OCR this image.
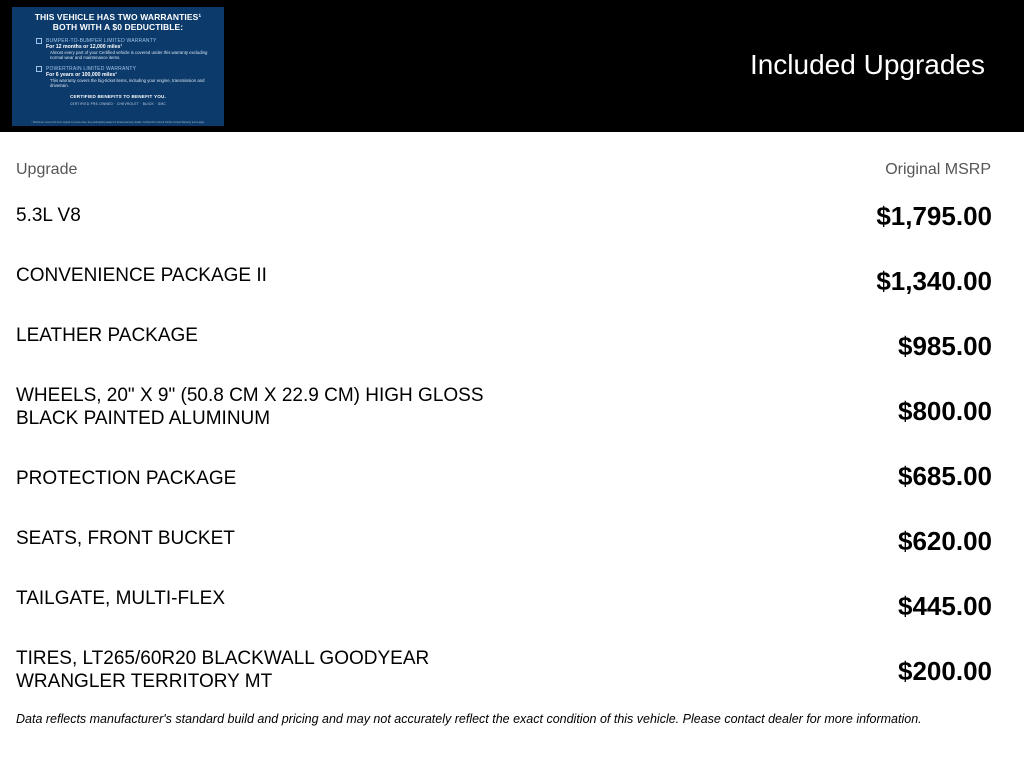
THIS VEHICLE HAS TWO WARRANTIES¹
BOTH WITH A $0 DEDUCTIBLE:
BUMPER-TO-BUMPER LIMITED WARRANTY
For 12 months or 12,000 miles¹
Almost every part of your Certified vehicle is covered under this warranty excluding normal wear and maintenance items.
POWERTRAIN LIMITED WARRANTY
For 6 years or 100,000 miles¹
This warranty covers the big-ticket items, including your engine, transmission and drivetrain.
CERTIFIED BENEFITS TO BENEFIT YOU.
CERTIFIED PRE-OWNED · CHEVROLET · BUICK · GMC
¹ Whichever comes first from original in-service date. See participating dealer for limited warranty details. Certified Pre-Owned Vehicle Limited Warranty terms apply.
Included Upgrades
Upgrade	Original MSRP
5.3L V8	$1,795.00
CONVENIENCE PACKAGE II	$1,340.00
LEATHER PACKAGE	$985.00
WHEELS, 20" X 9" (50.8 CM X 22.9 CM) HIGH GLOSS BLACK PAINTED ALUMINUM	$800.00
PROTECTION PACKAGE	$685.00
SEATS, FRONT BUCKET	$620.00
TAILGATE, MULTI-FLEX	$445.00
TIRES, LT265/60R20 BLACKWALL GOODYEAR WRANGLER TERRITORY MT	$200.00
Data reflects manufacturer's standard build and pricing and may not accurately reflect the exact condition of this vehicle. Please contact dealer for more information.
